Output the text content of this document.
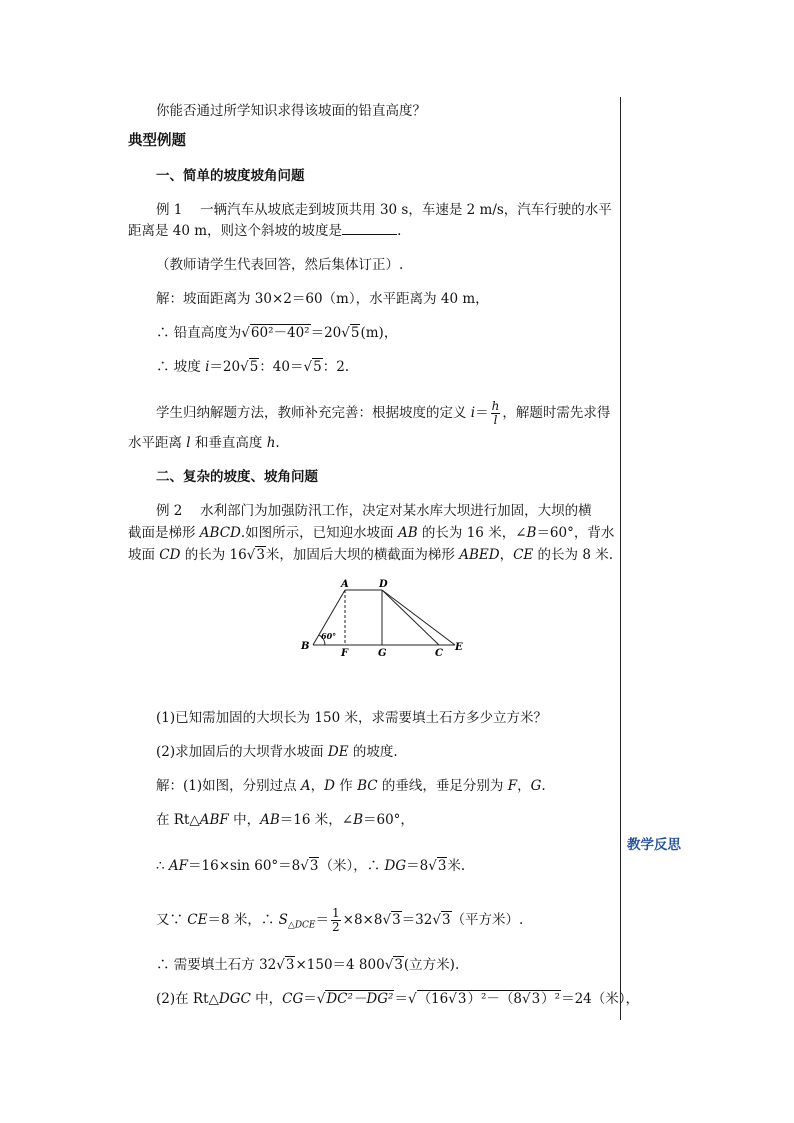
你能否通过所学知识求得该坡面的铅直高度？
典型例题
一、简单的坡度坡角问题
例 1　 一辆汽车从坡底走到坡顶共用 30 s，车速是 2 m/s，汽车行驶的水平
距离是 40 m，则这个斜坡的坡度是	.
（教师请学生代表回答，然后集体订正）.
解：坡面距离为 30×2＝60（m），水平距离为 40 m，
∴ 铅直高度为√60²－40²＝20√5(m)，
∴ 坡度 i＝20√5：40＝√5：2.
学生归纳解题方法，教师补充完善：根据坡度的定义 $i= \frac{h}{l}$ ，解题时需先求得
水平距离 l 和垂直高度 h.
二、复杂的坡度、坡角问题
例 2　 水利部门为加强防汛工作，决定对某水库大坝进行加固，大坝的横
截面是梯形 ABCD.如图所示，已知迎水坡面 AB 的长为 16 米，∠B＝60°，背水
坡面 CD 的长为 16√3米，加固后大坝的横截面为梯形 ABED，CE 的长为 8 米.
A	D
B
F	G	C
E
60°
(1)已知需加固的大坝长为 150 米，求需要填土石方多少立方米？
(2)求加固后的大坝背水坡面 DE 的坡度.
解：(1)如图，分别过点 A，D 作 BC 的垂线，垂足分别为 F，G.
在 Rt△ABF 中，AB＝16 米，∠B＝60°，
∴ AF＝16×sin 60°＝8√3（米），∴ DG＝8√3米.
又∵ CE＝8 米，∴ $S_{\triangle DCE}= \frac{1}{2} \times 8\times 8√3=32√3$（平方米）.
∴ 需要填土石方 32√3×150＝4 800√3(立方米).
(2)在 Rt△DGC 中，CG＝√DC²－DG²＝√（16√3）²－（8√3）²＝24（米），
教学反思
